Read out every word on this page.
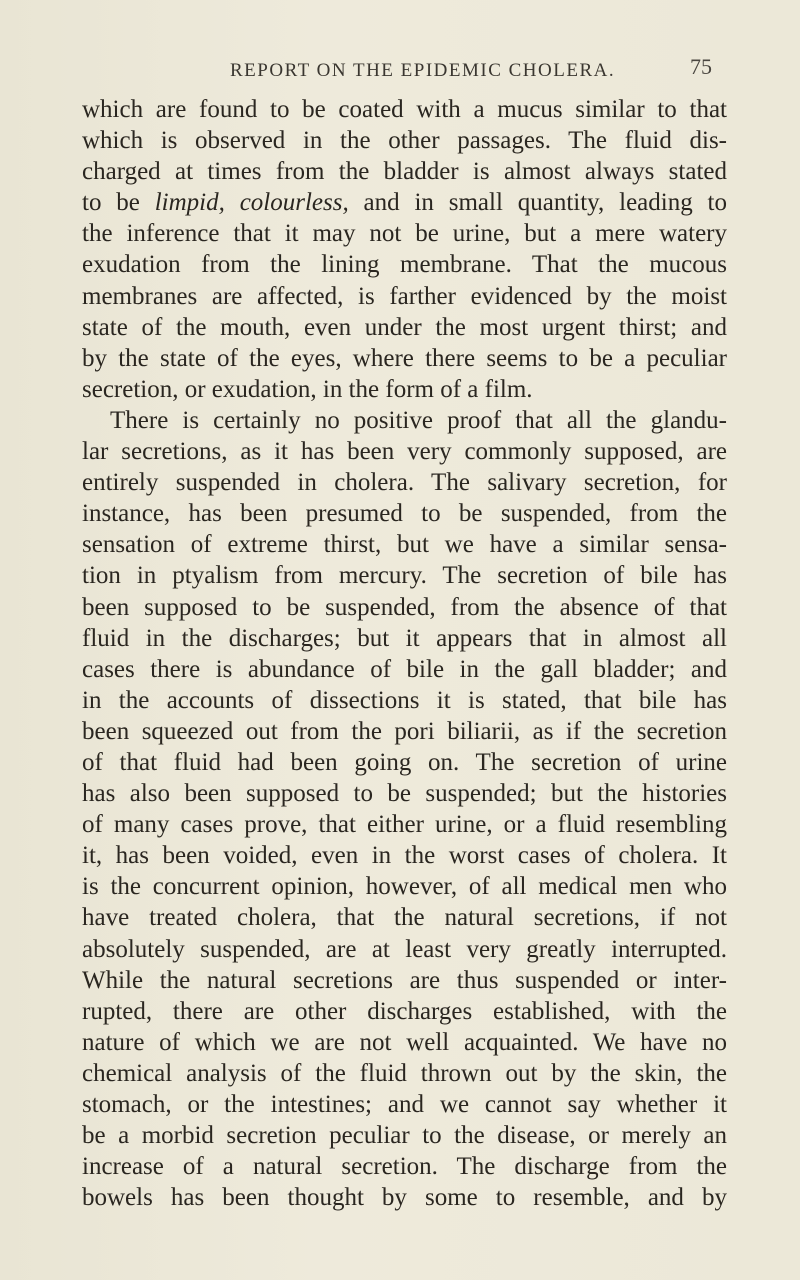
REPORT ON THE EPIDEMIC CHOLERA.	75
which are found to be coated with a mucus similar to that
which is observed in the other passages. The fluid dis-
charged at times from the bladder is almost always stated
to be limpid, colourless, and in small quantity, leading to
the inference that it may not be urine, but a mere watery
exudation from the lining membrane. That the mucous
membranes are affected, is farther evidenced by the moist
state of the mouth, even under the most urgent thirst; and
by the state of the eyes, where there seems to be a peculiar
secretion, or exudation, in the form of a film.
There is certainly no positive proof that all the glandu-
lar secretions, as it has been very commonly supposed, are
entirely suspended in cholera. The salivary secretion, for
instance, has been presumed to be suspended, from the
sensation of extreme thirst, but we have a similar sensa-
tion in ptyalism from mercury. The secretion of bile has
been supposed to be suspended, from the absence of that
fluid in the discharges; but it appears that in almost all
cases there is abundance of bile in the gall bladder; and
in the accounts of dissections it is stated, that bile has
been squeezed out from the pori biliarii, as if the secretion
of that fluid had been going on. The secretion of urine
has also been supposed to be suspended; but the histories
of many cases prove, that either urine, or a fluid resembling
it, has been voided, even in the worst cases of cholera. It
is the concurrent opinion, however, of all medical men who
have treated cholera, that the natural secretions, if not
absolutely suspended, are at least very greatly interrupted.
While the natural secretions are thus suspended or inter-
rupted, there are other discharges established, with the
nature of which we are not well acquainted. We have no
chemical analysis of the fluid thrown out by the skin, the
stomach, or the intestines; and we cannot say whether it
be a morbid secretion peculiar to the disease, or merely an
increase of a natural secretion. The discharge from the
bowels has been thought by some to resemble, and by
